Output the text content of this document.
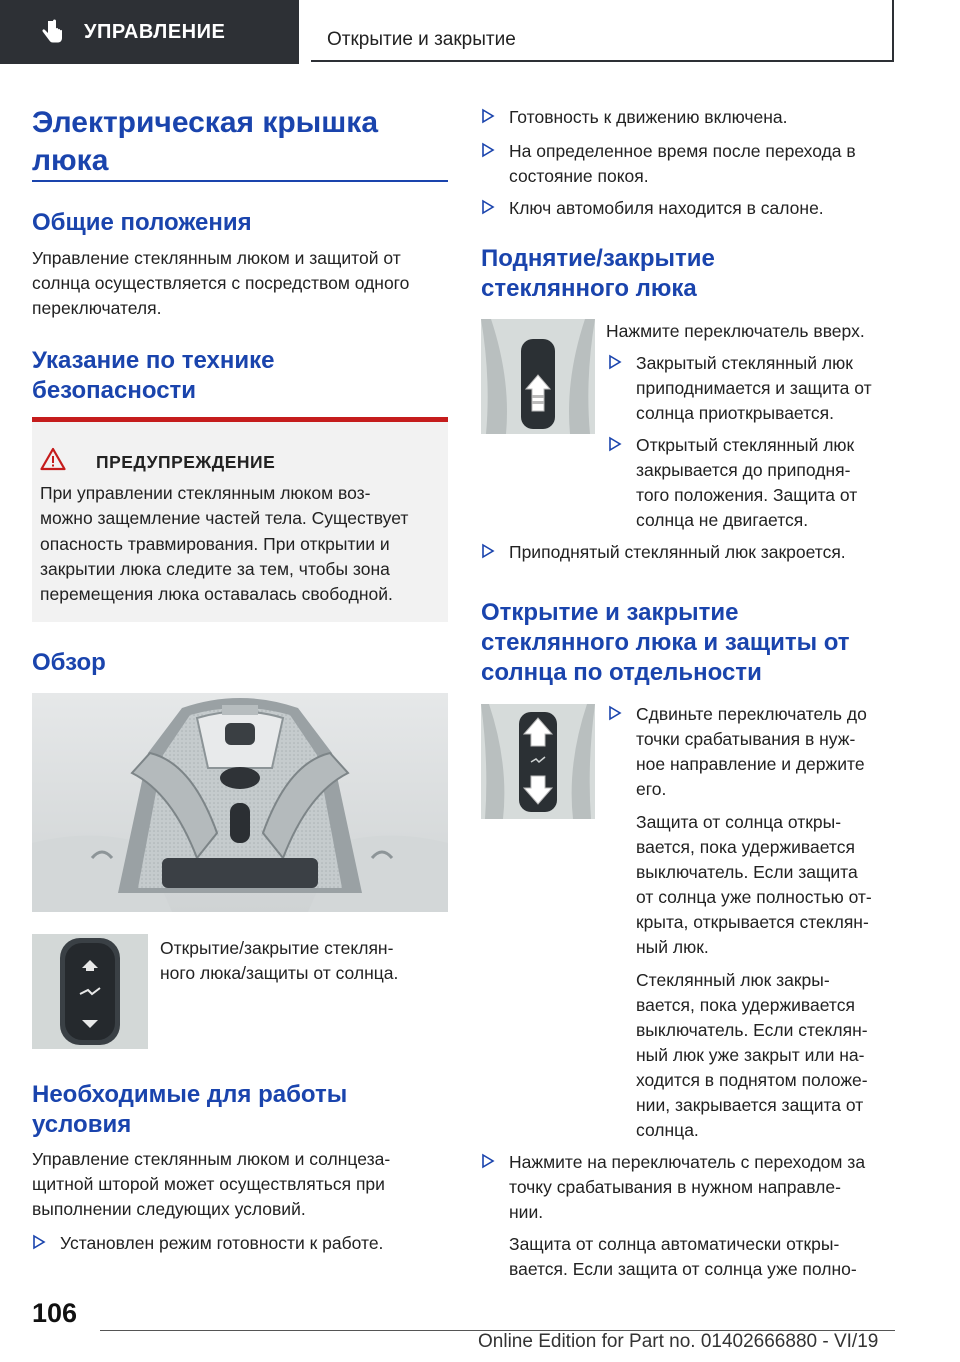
УПРАВЛЕНИЕ	Открытие и закрытие
Электрическая крышка
люка
Общие положения
Управление стеклянным люком и защитой от
солнца осуществляется с посредством одного
переключателя.
Указание по технике
безопасности
ПРЕДУПРЕЖДЕНИЕ
При управлении стеклянным люком воз-
можно защемление частей тела. Существует
опасность травмирования. При открытии и
закрытии люка следите за тем, чтобы зона
перемещения люка оставалась свободной.
Обзор
Открытие/закрытие стеклян-
ного люка/защиты от солнца.
Необходимые для работы
условия
Управление стеклянным люком и солнцеза-
щитной шторой может осуществляться при
выполнении следующих условий.
Установлен режим готовности к работе.
Готовность к движению включена.
На определенное время после перехода в
состояние покоя.
Ключ автомобиля находится в салоне.
Поднятие/закрытие
стеклянного люка
Нажмите переключатель вверх.
Закрытый стеклянный люк
приподнимается и защита от
солнца приоткрывается.
Открытый стеклянный люк
закрывается до приподня-
того положения. Защита от
солнца не двигается.
Приподнятый стеклянный люк закроется.
Открытие и закрытие
стеклянного люка и защиты от
солнца по отдельности
Сдвиньте переключатель до
точки срабатывания в нуж-
ное направление и держите
его.
Защита от солнца откры-
вается, пока удерживается
выключатель. Если защита
от солнца уже полностью от-
крыта, открывается стеклян-
ный люк.
Стеклянный люк закры-
вается, пока удерживается
выключатель. Если стеклян-
ный люк уже закрыт или на-
ходится в поднятом положе-
нии, закрывается защита от
солнца.
Нажмите на переключатель с переходом за
точку срабатывания в нужном направле-
нии.
Защита от солнца автоматически откры-
вается. Если защита от солнца уже полно-
106
Online Edition for Part no. 01402666880 - VI/19
